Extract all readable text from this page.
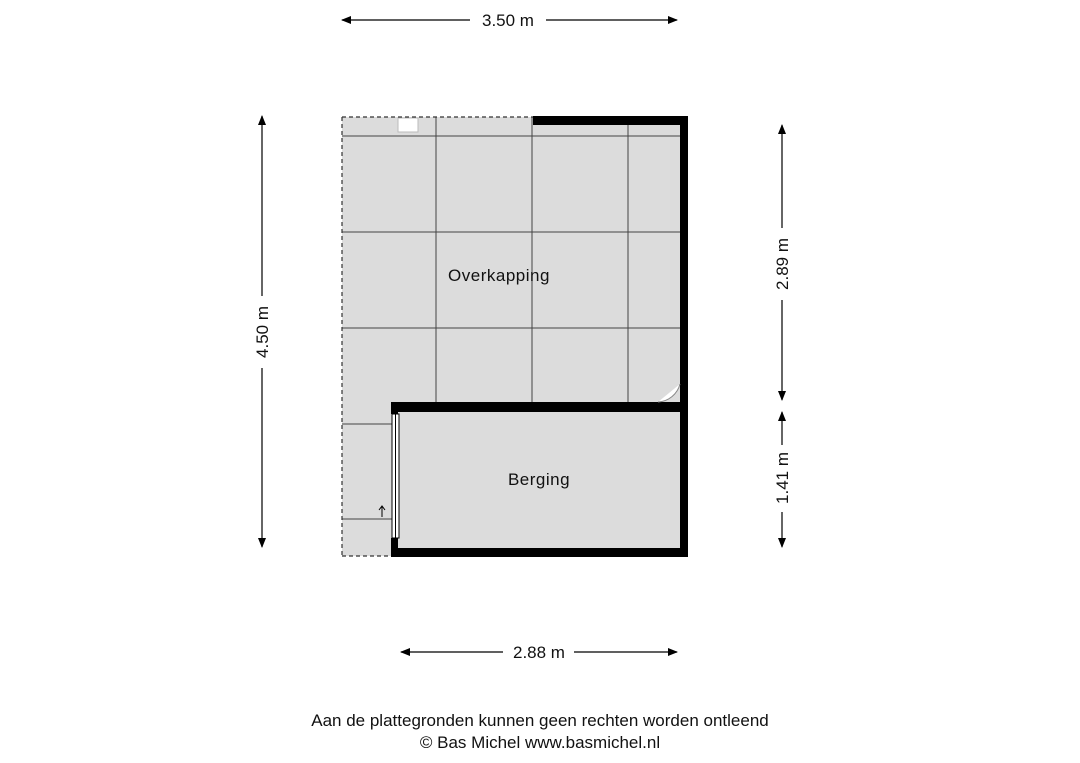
Overkapping
Berging
3.50 m
2.88 m
4.50 m
2.89 m
1.41 m
Aan de plattegronden kunnen geen rechten worden ontleend
© Bas Michel www.basmichel.nl
